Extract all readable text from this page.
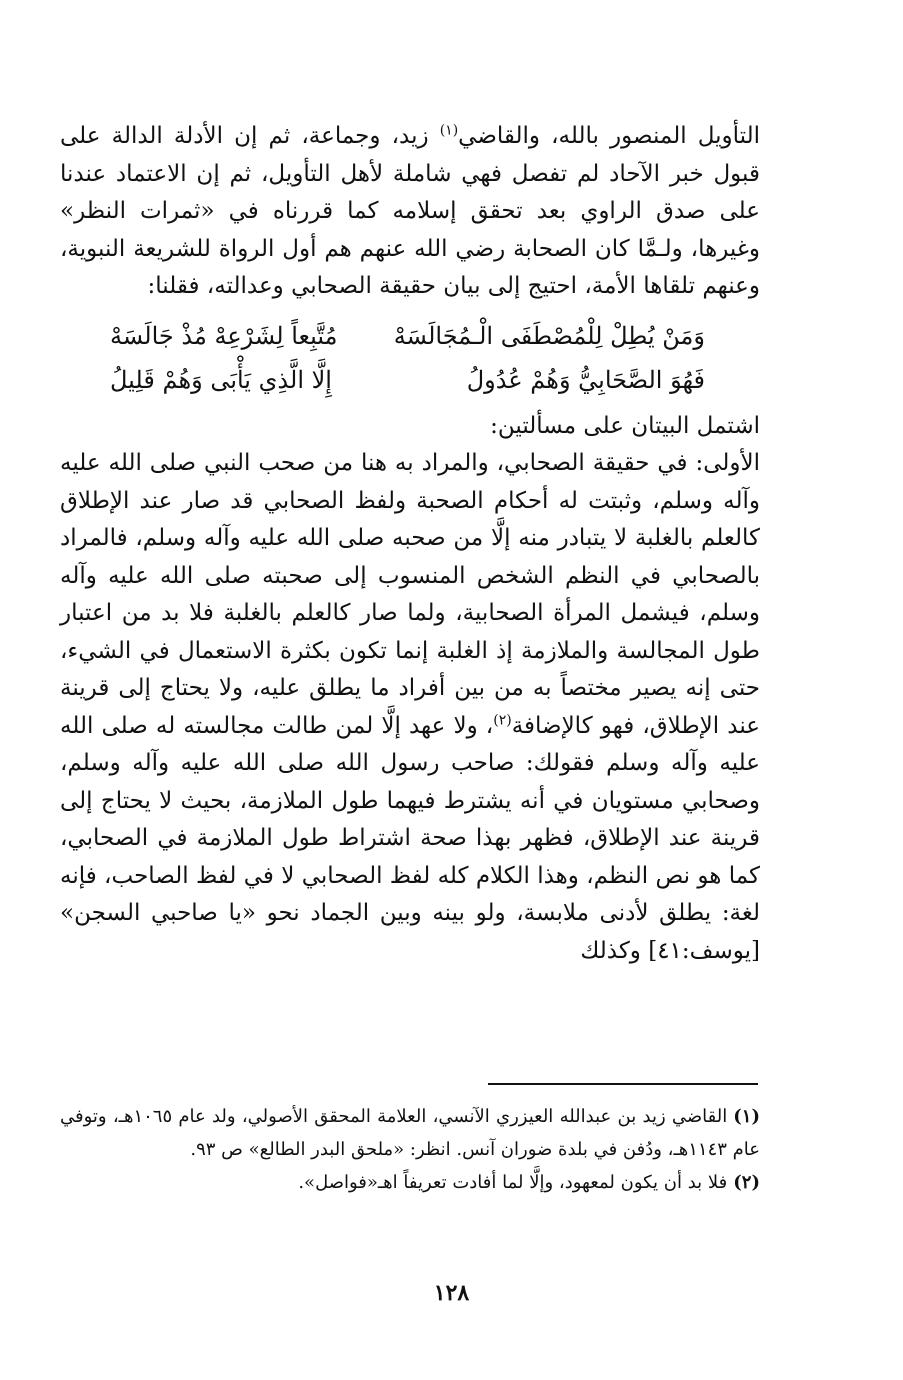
التأويل المنصور بالله، والقاضي$^{(١)}$ زيد، وجماعة، ثم إن الأدلة الدالة على قبول خبر الآحاد لم تفصل فهي شاملة لأهل التأويل، ثم إن الاعتماد عندنا على صدق الراوي بعد تحقق إسلامه كما قررناه في «ثمرات النظر» وغيرها، ولـمَّا كان الصحابة رضي الله عنهم هم أول الرواة للشريعة النبوية، وعنهم تلقاها الأمة، احتيج إلى بيان حقيقة الصحابي وعدالته، فقلنا:

وَمَنْ يُطِلْ لِلْمُصْطَفَى الْـمُجَالَسَهْ
مُتَّبِعاً لِشَرْعِهْ مُذْ جَالَسَهْ
فَهُوَ الصَّحَابِيُّ وَهُمْ عُدُولُ
إِلَّا الَّذِي يَأْبَى وَهُمْ قَلِيلُ

اشتمل البيتان على مسألتين:

الأولى: في حقيقة الصحابي، والمراد به هنا من صحب النبي صلى الله عليه وآله وسلم، وثبتت له أحكام الصحبة ولفظ الصحابي قد صار عند الإطلاق كالعلم بالغلبة لا يتبادر منه إلَّا من صحبه صلى الله عليه وآله وسلم، فالمراد بالصحابي في النظم الشخص المنسوب إلى صحبته صلى الله عليه وآله وسلم، فيشمل المرأة الصحابية، ولما صار كالعلم بالغلبة فلا بد من اعتبار طول المجالسة والملازمة إذ الغلبة إنما تكون بكثرة الاستعمال في الشيء، حتى إنه يصير مختصاً به من بين أفراد ما يطلق عليه، ولا يحتاج إلى قرينة عند الإطلاق، فهو كالإضافة$^{(٢)}$، ولا عهد إلَّا لمن طالت مجالسته له صلى الله عليه وآله وسلم فقولك: صاحب رسول الله صلى الله عليه وآله وسلم، وصحابي مستويان في أنه يشترط فيهما طول الملازمة، بحيث لا يحتاج إلى قرينة عند الإطلاق، فظهر بهذا صحة اشتراط طول الملازمة في الصحابي، كما هو نص النظم، وهذا الكلام كله لفظ الصحابي لا في لفظ الصاحب، فإنه لغة: يطلق لأدنى ملابسة، ولو بينه وبين الجماد نحو «يا صاحبي السجن» [يوسف:٤١] وكذلك

(١)القاضي زيد بن عبدالله العيزري الآنسي، العلامة المحقق الأصولي، ولد عام ١٠٦٥هـ، وتوفي عام ١١٤٣هـ، ودُفن في بلدة ضوران آنس. انظر: «ملحق البدر الطالع» ص ٩٣.

(٢)فلا بد أن يكون لمعهود، وإلَّا لما أفادت تعريفاً اهـ«فواصل».

١٢٨
